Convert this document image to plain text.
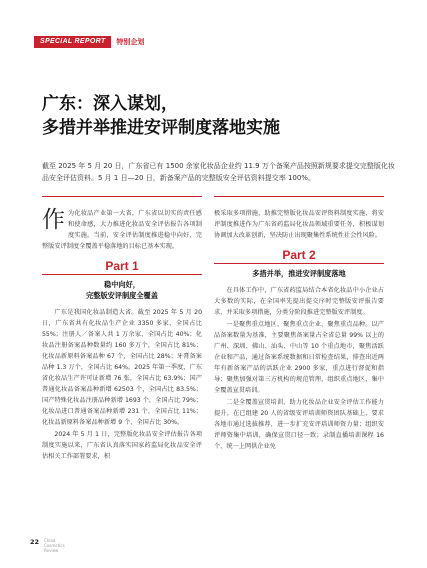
SPECIAL REPORT	特别企划
广东：深入谋划，
多措并举推进安评制度落地实施

截至 2025 年 5 月 20 日，广东省已有 1500 余家化妆品企业约 11.9 万个备案产品按照新规要求提交完整版化妆品安全评估资料。5 月 1 日—20 日，新备案产品的完整版安全评估资料提交率 100%。

作为化妆品产业第一大省，广东省以切实的责任感和使命感，大力推进化妆品安全评估报告各项制度实施。当前，安全评估制度推进稳中向好，完整版安评制度全覆盖平稳落地的目标已基本实现。

Part 1
稳中向好，
完整版安评制度全覆盖

广东是我国化妆品制造大省。截至 2025 年 5 月 20 日，广东省共有化妆品生产企业 3350 多家，全国占比 55%；注册人／备案人共 1 万余家，全国占比 40%；化妆品注册备案品种数量约 160 多万个，全国占比 81%；化妆品新原料备案品种 67 个，全国占比 28%；牙膏备案品种 1.3 万个，全国占比 64%。2025 年第一季度，广东省化妆品生产许可证新增 76 张，全国占比 63.9%；国产普通化妆品备案品种新增 62503 个，全国占比 83.5%；国产特殊化妆品注册品种新增 1693 个，全国占比 79%；化妆品进口普通备案品种新增 231 个，全国占比 11%；化妆品新原料备案品种新增 9 个，全国占比 30%。

2024 年 5 月 1 日，完整版化妆品安全评估报告各项制度实施以来，广东省认真落实国家药监局化妆品安全评估相关工作部署要求，积

极采取多项措施，助推完整版化妆品安评资料制度实施，将安评制度推进作为广东省药监局化妆品领域重要任务，积极谋划协调加大改革创新，坚决防止出现聚集性系统性社会性风险。

Part 2
多措并举，推进安评制度落地

在具体工作中，广东省药监局结合本省化妆品中小企业占大多数的实际，在全国率先提出提交序时完整版安评报告要求，并采取多项措施，分类分阶段推进完整版安评制度。

一是聚焦重点地区、聚焦重点企业、聚焦重点品种。以产品备案数量为基准，主要聚焦备案量占全省总量 99% 以上的广州、深圳、佛山、汕头、中山等 10 个重点地市，聚焦活跃企业和产品，通过备案系统数据和日常检查结果，排查出近两年有新备案产品的活跃企业 2900 多家，重点进行督促和指导；聚焦加强对第三方机构的规范管理，组织重点地区，集中全覆盖宣贯培训。

二是全覆盖宣贯培训，助力化妆品企业安全评估工作能力提升。在已组建 20 人的省级安评培训师资团队基础上，要求各地市通过选拔推荐，进一步扩充安评培训师资力量；组织安评师资集中培训，确保宣贯口径一致；录制直播培训课程 16 个，统一上网供企业免

22 China
Cosmetics
Review
